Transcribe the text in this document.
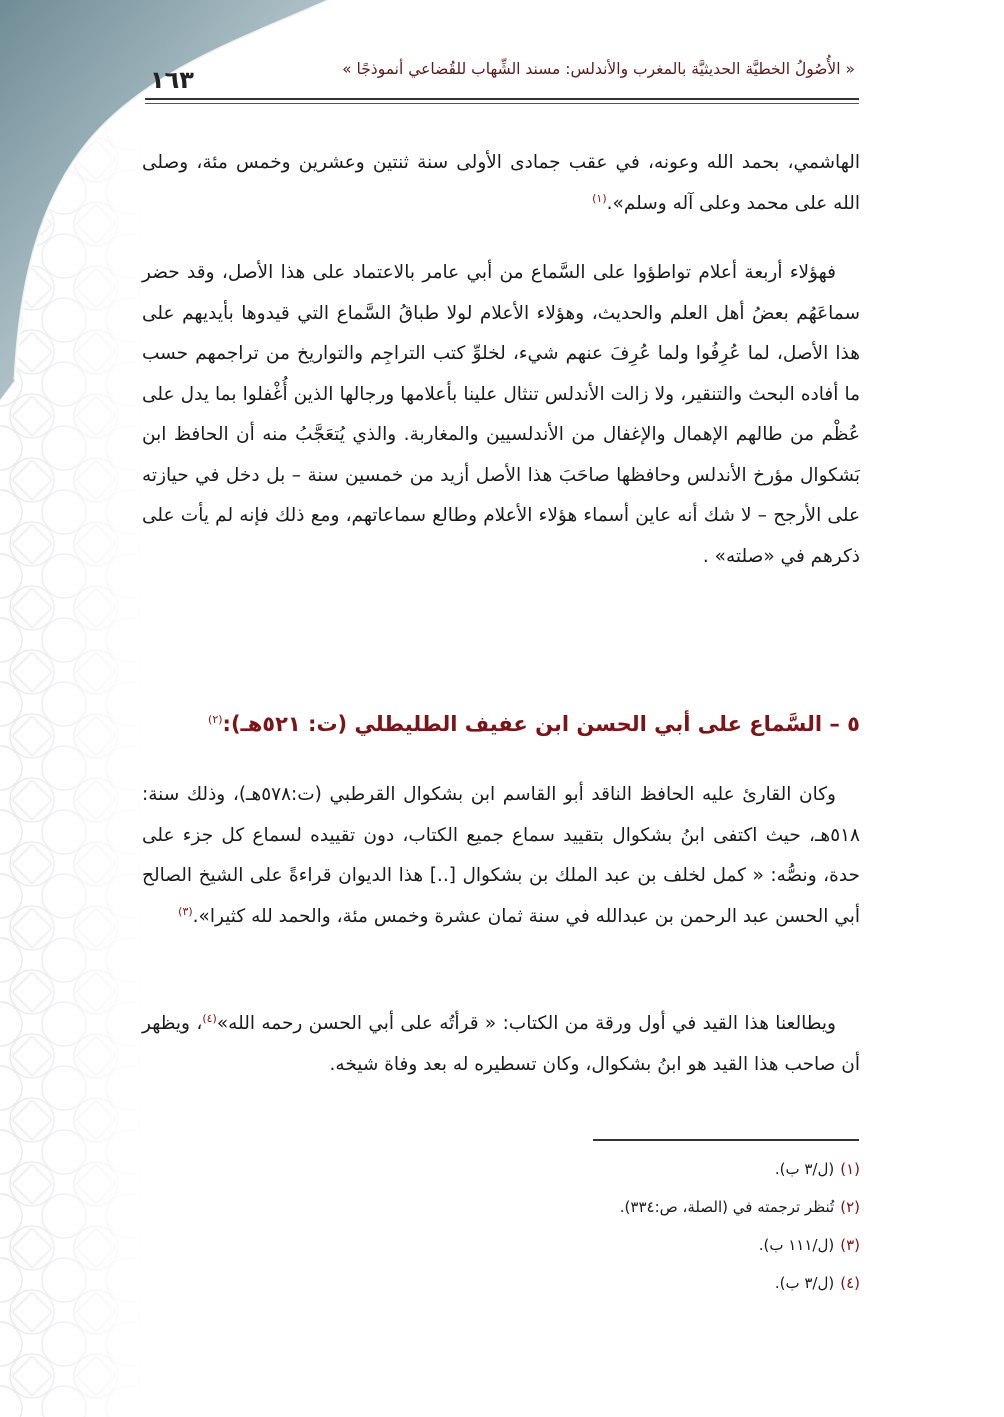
« الأُصُولُ الخطيَّة الحديثيَّة بالمغرب والأندلس: مسند الشِّهاب للقُضاعي أنموذجًا »
١٦٣
الهاشمي، بحمد الله وعونه، في عقب جمادى الأولى سنة ثنتين وعشرين وخمس مئة، وصلى الله على محمد وعلى آله وسلم».$^{(١)}$
فهؤلاء أربعة أعلام تواطؤوا على السَّماع من أبي عامر بالاعتماد على هذا الأصل، وقد حضر سماعَهُم بعضُ أهل العلم والحديث، وهؤلاء الأعلام لولا طباقُ السَّماع التي قيدوها بأيديهم على هذا الأصل، لما عُرِفُوا ولما عُرِفَ عنهم شيء، لخلوِّ كتب التراجِم والتواريخ من تراجمهم حسب ما أفاده البحث والتنقير، ولا زالت الأندلس تنثال علينا بأعلامها ورجالها الذين أُغْفلوا بما يدل على عُظْم من طالهم الإهمال والإغفال من الأندلسيين والمغاربة. والذي يُتعَجَّبُ منه أن الحافظ ابن بَشكوال مؤرخ الأندلس وحافظها صاحَبَ هذا الأصل أزيد من خمسين سنة – بل دخل في حيازته على الأرجح – لا شك أنه عاين أسماء هؤلاء الأعلام وطالع سماعاتهم، ومع ذلك فإنه لم يأت على ذكرهم في «صلته» .
٥ – السَّماع على أبي الحسن ابن عفيف الطليطلي (ت: ٥٢١هـ):$^{(٢)}$
وكان القارئ عليه الحافظ الناقد أبو القاسم ابن بشكوال القرطبي (ت:٥٧٨هـ)، وذلك سنة: ٥١٨هـ، حيث اكتفى ابنُ بشكوال بتقييد سماع جميع الكتاب، دون تقييده لسماع كل جزء على حدة، ونصُّه: « كمل لخلف بن عبد الملك بن بشكوال [..] هذا الديوان قراءةً على الشيخ الصالح أبي الحسن عبد الرحمن بن عبدالله في سنة ثمان عشرة وخمس مئة، والحمد لله كثيرا».$^{(٣)}$
ويطالعنا هذا القيد في أول ورقة من الكتاب: « قرأتُه على أبي الحسن رحمه الله»$^{(٤)}$، ويظهر أن صاحب هذا القيد هو ابنُ بشكوال، وكان تسطيره له بعد وفاة شيخه.
(١)(ل/٣ ب).
(٢)تُنظر ترجمته في (الصلة، ص:٣٣٤).
(٣)(ل/١١١ ب).
(٤)(ل/٣ ب).
